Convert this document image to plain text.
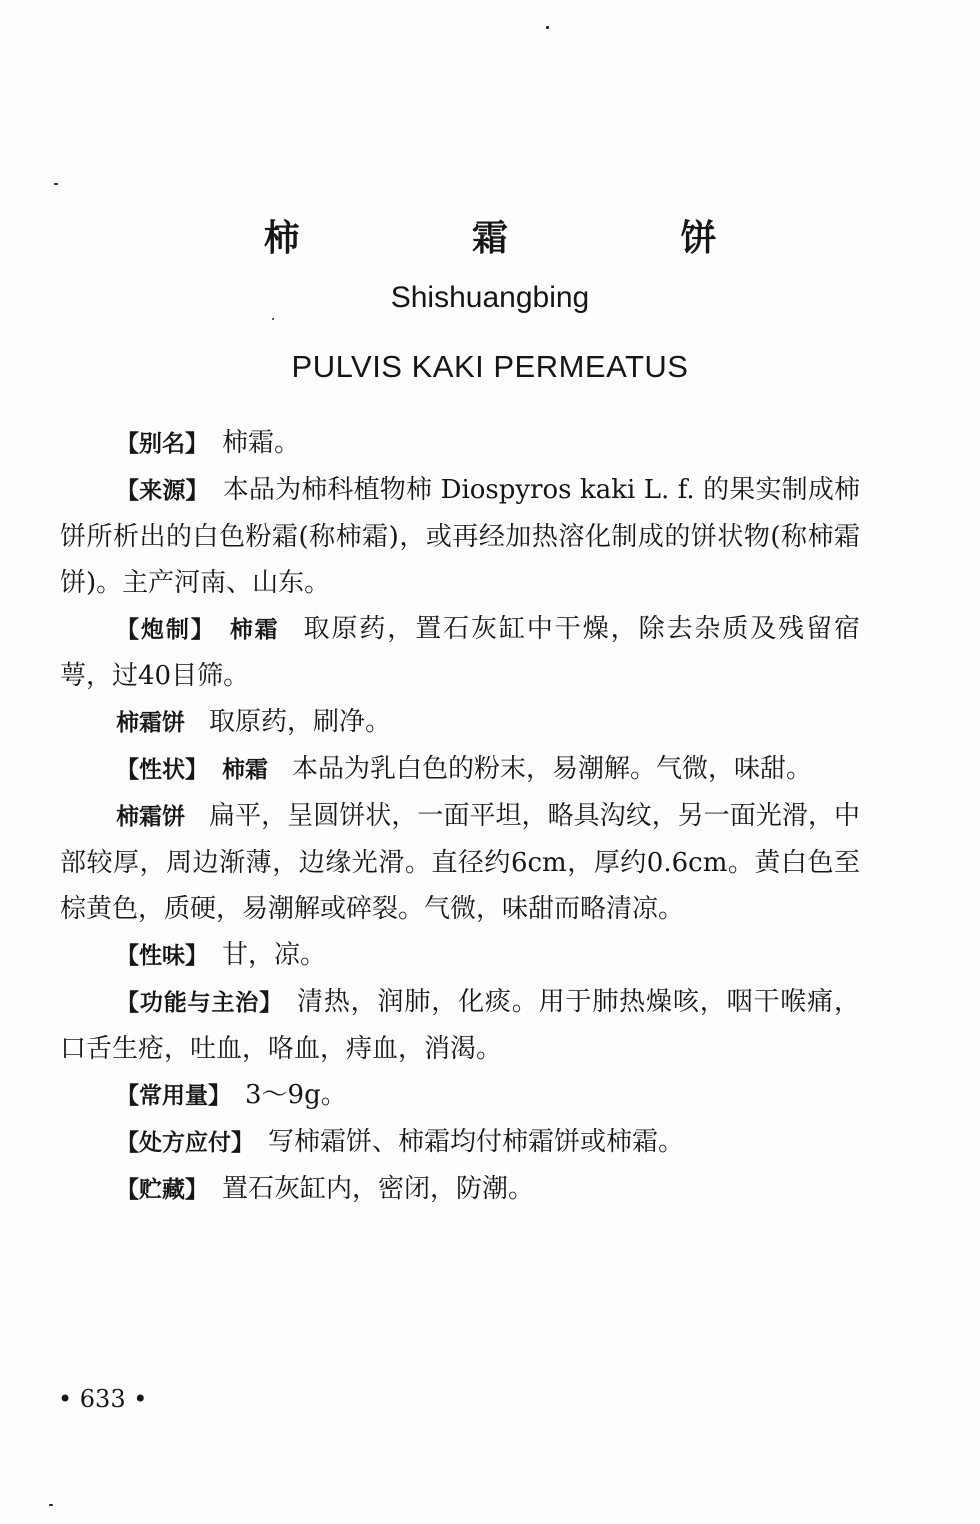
柿 霜 饼
Shishuangbing
PULVIS KAKI PERMEATUS

【别名】 柿霜。

【来源】 本品为柿科植物柿 Diospyros kaki L. f. 的果实制成柿饼所析出的白色粉霜(称柿霜)，或再经加热溶化制成的饼状物(称柿霜饼)。主产河南、山东。

【炮制】 柿霜 取原药，置石灰缸中干燥，除去杂质及残留宿萼，过40目筛。

柿霜饼 取原药，刷净。

【性状】 柿霜 本品为乳白色的粉末，易潮解。气微，味甜。

柿霜饼 扁平，呈圆饼状，一面平坦，略具沟纹，另一面光滑，中部较厚，周边渐薄，边缘光滑。直径约6cm，厚约0.6cm。黄白色至棕黄色，质硬，易潮解或碎裂。气微，味甜而略清凉。

【性味】 甘，凉。

【功能与主治】 清热，润肺，化痰。用于肺热燥咳，咽干喉痛，口舌生疮，吐血，咯血，痔血，消渴。

【常用量】 3～9g。

【处方应付】 写柿霜饼、柿霜均付柿霜饼或柿霜。

【贮藏】 置石灰缸内，密闭，防潮。

• 633 •
